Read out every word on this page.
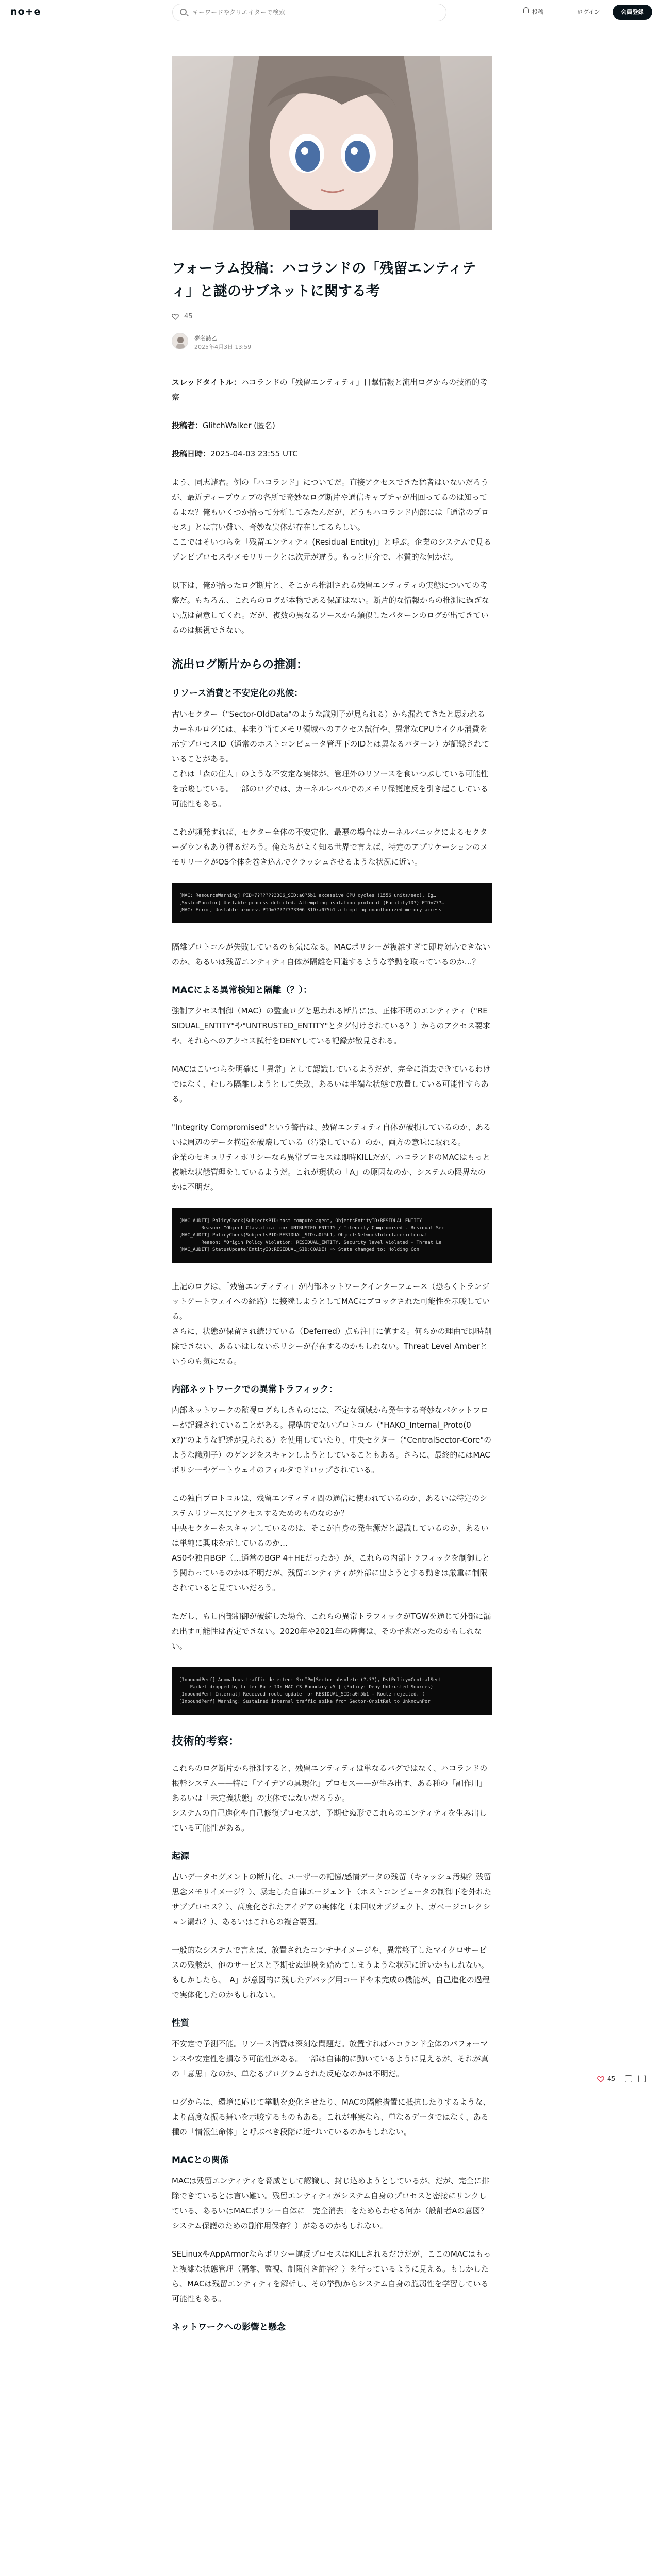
no+e
キーワードやクリエイターで検索	投稿	ログイン	会員登録
フォーラム投稿：ハコランドの「残留エンティティ」と謎のサブネットに関する考
45
夢名誌乙
2025年4月3日 13:59

スレッドタイトル：ハコランドの「残留エンティティ」目撃情報と流出ログからの技術的考察

投稿者：GlitchWalker (匿名)

投稿日時：2025-04-03 23:55 UTC

よう、同志諸君。例の「ハコランド」についてだ。直接アクセスできた猛者はいないだろうが、最近ディープウェブの各所で奇妙なログ断片や通信キャプチャが出回ってるのは知ってるよな？俺もいくつか拾って分析してみたんだが、どうもハコランド内部には「通常のプロセス」とは言い難い、奇妙な実体が存在してるらしい。

ここではそいつらを「残留エンティティ (Residual Entity)」と呼ぶ。企業のシステムで見るゾンビプロセスやメモリリークとは次元が違う。もっと厄介で、本質的な何かだ。

以下は、俺が拾ったログ断片と、そこから推測される残留エンティティの実態についての考察だ。もちろん、これらのログが本物である保証はない。断片的な情報からの推測に過ぎない点は留意してくれ。だが、複数の異なるソースから類似したパターンのログが出てきているのは無視できない。

流出ログ断片からの推測：
リソース消費と不安定化の兆候：

古いセクター（"Sector-OldData"のような識別子が見られる）から漏れてきたと思われるカーネルログには、本来り当てメモリ領域へのアクセス試行や、異常なCPUサイクル消費を示すプロセスID（通常のホストコンピュータ管理下のIDとは異なるパターン）が記録されていることがある。

これは「森の住人」のような不安定な実体が、管理外のリソースを食いつぶしている可能性を示唆している。一部のログでは、カーネルレベルでのメモリ保護違反を引き起こしている可能性もある。

これが頻発すれば、セクター全体の不安定化、最悪の場合はカーネルパニックによるセクターダウンもあり得るだろう。俺たちがよく知る世界で言えば、特定のアプリケーションのメモリリークがOS全体を巻き込んでクラッシュさせるような状況に近い。

[MAC: ResourceWarning] PID=7??????3306_SID:a0?5b1 excessive CPU cycles (1556 units/sec), Ig…
[SystemMonitor] Unstable process detected. Attempting isolation protocol (FacilityID?) PID=7??…
[MAC: Error] Unstable process PID=7??????3306_SID:a0?5b1 attempting unauthorized memory access

隔離プロトコルが失敗しているのも気になる。MACポリシーが複雑すぎて即時対応できないのか、あるいは残留エンティティ自体が隔離を回避するような挙動を取っているのか…？

MACによる異常検知と隔離（？）：

強制アクセス制御（MAC）の監査ログと思われる断片には、正体不明のエンティティ（"RESIDUAL_ENTITY"や"UNTRUSTED_ENTITY"とタグ付けされている？）からのアクセス要求や、それらへのアクセス試行をDENYしている記録が散見される。

MACはこいつらを明確に「異常」として認識しているようだが、完全に消去できているわけではなく、むしろ隔離しようとして失敗、あるいは半端な状態で放置している可能性すらある。

"Integrity Compromised"という警告は、残留エンティティ自体が破損しているのか、あるいは周辺のデータ構造を破壊している（汚染している）のか、両方の意味に取れる。

企業のセキュリティポリシーなら異常プロセスは即時KILLだが、ハコランドのMACはもっと複雑な状態管理をしているようだ。これが現状の「A」の原因なのか、システムの限界なのかは不明だ。

[MAC_AUDIT] PolicyCheck(SubjectsPID:host_compute_agent, ObjectsEntityID:RESIDUAL_ENTITY_
Reason: "Object Classification: UNTRUSTED_ENTITY / Integrity Compromised - Residual Sec
[MAC_AUDIT] PolicyCheck(SubjectsPID:RESIDUAL_SID:a0f5b1, ObjectsNetworkInterface:internal
Reason: "Origin Policy Violation: RESIDUAL_ENTITY. Security level violated - Threat Le
[MAC_AUDIT] StatusUpdate(EntityID:RESIDUAL_SID:C0ADE) => State changed to: Holding Con

上記のログは、「残留エンティティ」が内部ネットワークインターフェース（恐らくトランジットゲートウェイへの経路）に接続しようとしてMACにブロックされた可能性を示唆している。

さらに、状態が保留され続けている（Deferred）点も注目に値する。何らかの理由で即時削除できない、あるいはしないポリシーが存在するのかもしれない。Threat Level Amberというのも気になる。

内部ネットワークでの異常トラフィック：

内部ネットワークの監視ログらしきものには、不定な領域から発生する奇妙なパケットフローが記録されていることがある。標準的でないプロトコル（"HAKO_Internal_Proto(0x?)"のような記述が見られる）を使用していたり、中央セクター（"CentralSector-Core"のような識別子）のゲンジをスキャンしようとしていることもある。さらに、最終的にはMACポリシーやゲートウェイのフィルタでドロップされている。

この独自プロトコルは、残留エンティティ間の通信に使われているのか、あるいは特定のシステムリソースにアクセスするためのものなのか？

中央セクターをスキャンしているのは、そこが自身の発生源だと認識しているのか、あるいは単純に興味を示しているのか…

AS0や独自BGP（…通常のBGP 4+HEだったか）が、これらの内部トラフィックを制御しとう関わっているのかは不明だが、残留エンティティが外部に出ようとする動きは厳重に制限されていると見ていいだろう。

ただし、もし内部制御が破綻した場合、これらの異常トラフィックがTGWを通じて外部に漏れ出す可能性は否定できない。2020年や2021年の障害は、その予兆だったのかもしれない。

[InboundPerf] Anomalous traffic detected: SrcIP=[Sector obsolete (?.??), DstPolicy=CentralSect
Packet dropped by filter Rule ID: MAC_CS_Boundary v5 | (Policy: Deny Untrusted Sources)
[InboundPerf Internal] Received route update for RESIDUAL_SID:a0f5b1 - Route rejected. (
[InboundPerf] Warning: Sustained internal traffic spike from Sector-OrbitRel to UnknownPor
技術的考察：

これらのログ断片から推測すると、残留エンティティは単なるバグではなく、ハコランドの根幹システム——特に「アイデアの具現化」プロセス——が生み出す、ある種の「副作用」あるいは「未定義状態」の実体ではないだろうか。

システムの自己進化や自己修復プロセスが、予期せぬ形でこれらのエンティティを生み出している可能性がある。

起源

古いデータセグメントの断片化、ユーザーの記憶/感情データの残留（キャッシュ汚染？残留思念メモリイメージ？）、暴走した自律エージェント（ホストコンピュータの制御下を外れたサブプロセス？）、高度化されたアイデアの実体化（未回収オブジェクト、ガベージコレクション漏れ？）、あるいはこれらの複合要因。

一般的なシステムで言えば、放置されたコンテナイメージや、異常終了したマイクロサービスの残骸が、他のサービスと予期せぬ連携を始めてしまうような状況に近いかもしれない。もしかしたら、「A」が意図的に残したデバッグ用コードや未完成の機能が、自己進化の過程で実体化したのかもしれない。

性質

不安定で予測不能。リソース消費は深刻な問題だ。放置すればハコランド全体のパフォーマンスや安定性を損なう可能性がある。一部は自律的に動いているように見えるが、それが真の「意思」なのか、単なるプログラムされた反応なのかは不明だ。

ログからは、環境に応じて挙動を変化させたり、MACの隔離措置に抵抗したりするような、より高度な振る舞いを示唆するものもある。これが事実なら、単なるデータではなく、ある種の「情報生命体」と呼ぶべき段階に近づいているのかもしれない。

MACとの関係

MACは残留エンティティを脅威として認識し、封じ込めようとしているが、だが、完全に排除できているとは言い難い。残留エンティティがシステム自身のプロセスと密接にリンクしている、あるいはMACポリシー自体に「完全消去」をためらわせる何か（設計者Aの意図？システム保護のための副作用保存？）があるのかもしれない。

SELinuxやAppArmorならポリシー違反プロセスはKILLされるだけだが、ここのMACはもっと複雑な状態管理（隔離、監視、制限付き許容？）を行っているように見える。もしかしたら、MACは残留エンティティを解析し、その挙動からシステム自身の脆弱性を学習している可能性もある。

ネットワークへの影響と懸念
45
